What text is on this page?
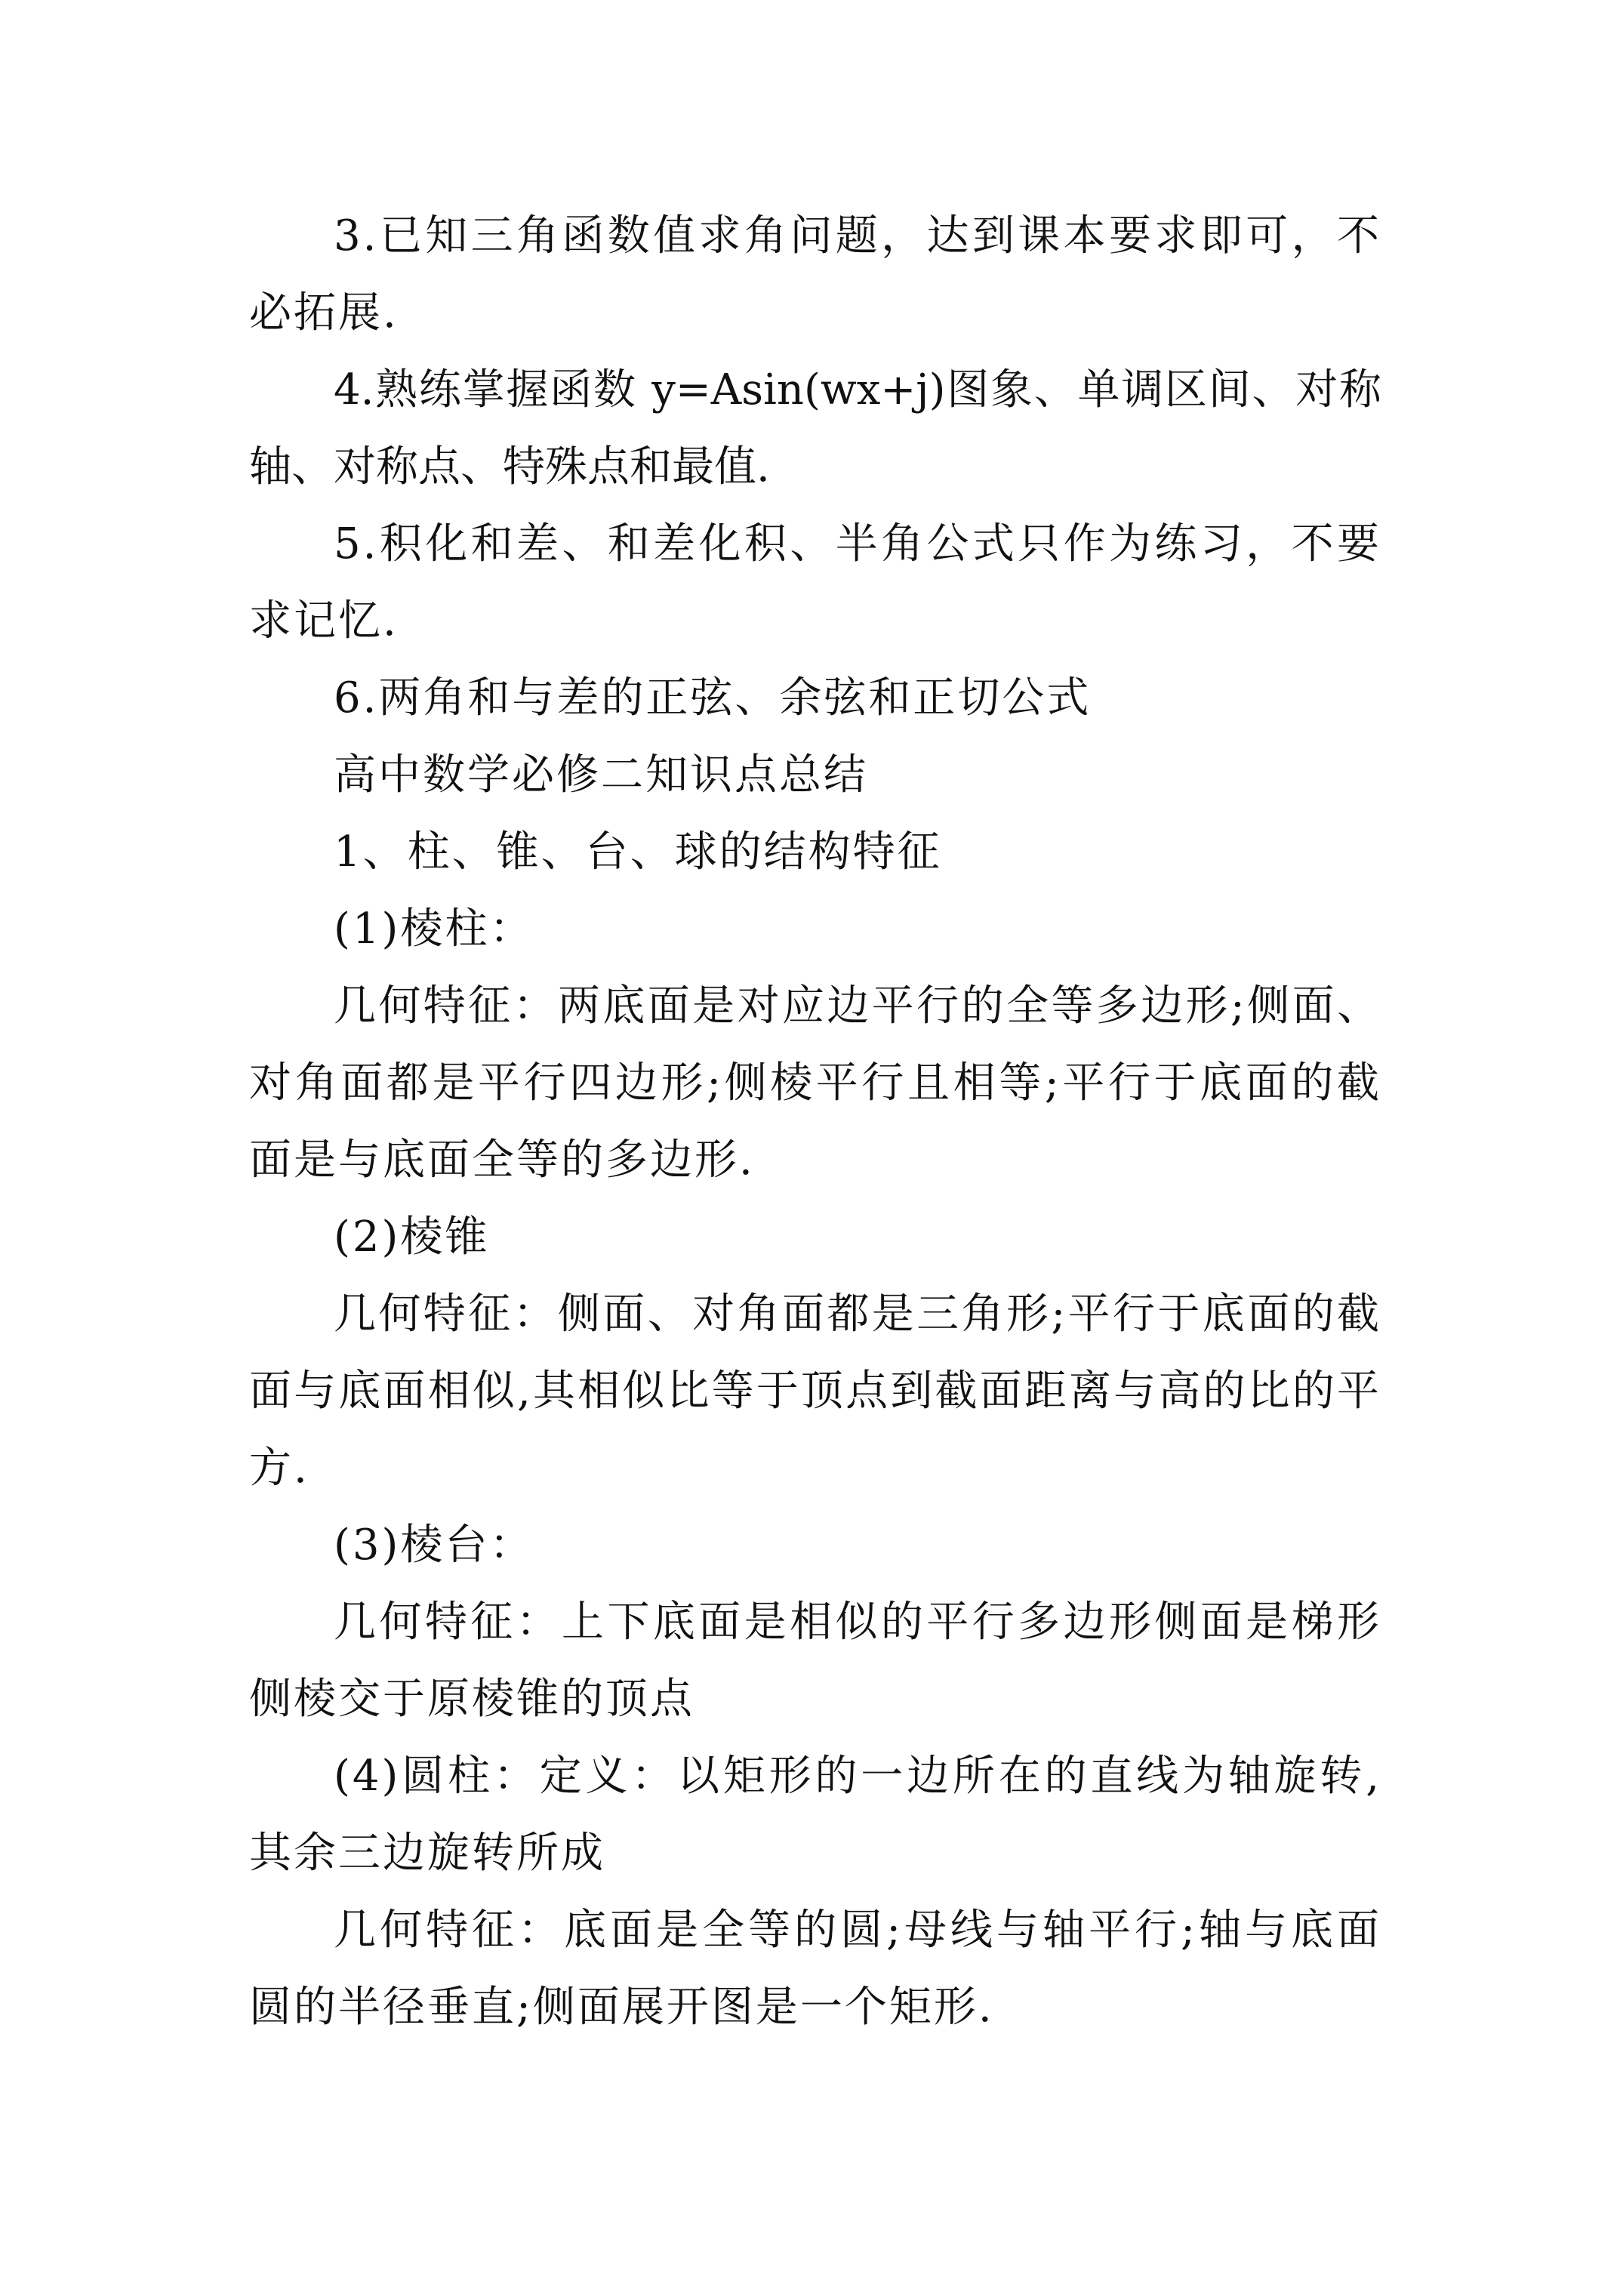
3.已知三角函数值求角问题，达到课本要求即可，不必拓展.

4.熟练掌握函数 y=Asin(wx+j)图象、单调区间、对称轴、对称点、特殊点和最值.

5.积化和差、和差化积、半角公式只作为练习，不要求记忆.

6.两角和与差的正弦、余弦和正切公式

高中数学必修二知识点总结

1、柱、锥、台、球的结构特征

(1)棱柱：

几何特征：两底面是对应边平行的全等多边形;侧面、对角面都是平行四边形;侧棱平行且相等;平行于底面的截面是与底面全等的多边形.

(2)棱锥

几何特征：侧面、对角面都是三角形;平行于底面的截面与底面相似,其相似比等于顶点到截面距离与高的比的平方.

(3)棱台：

几何特征：上下底面是相似的平行多边形侧面是梯形侧棱交于原棱锥的顶点

(4)圆柱：定义：以矩形的一边所在的直线为轴旋转,其余三边旋转所成

几何特征：底面是全等的圆;母线与轴平行;轴与底面圆的半径垂直;侧面展开图是一个矩形.
